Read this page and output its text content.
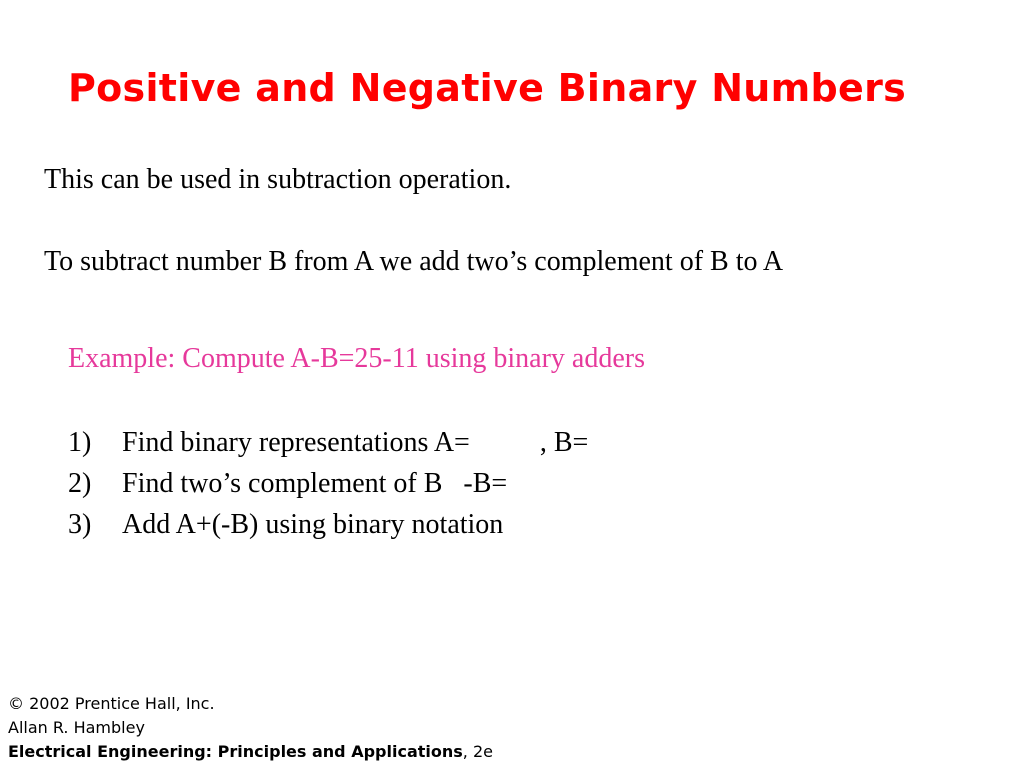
Positive and Negative Binary Numbers

This can be used in subtraction operation.

To subtract number B from A we add two’s complement of B to A

Example: Compute A-B=25-11 using binary adders

1) Find binary representations A=          , B=
2) Find two’s complement of B   -B=
3) Add A+(-B) using binary notation
© 2002 Prentice Hall, Inc.
Allan R. Hambley
Electrical Engineering: Principles and Applications, 2e
